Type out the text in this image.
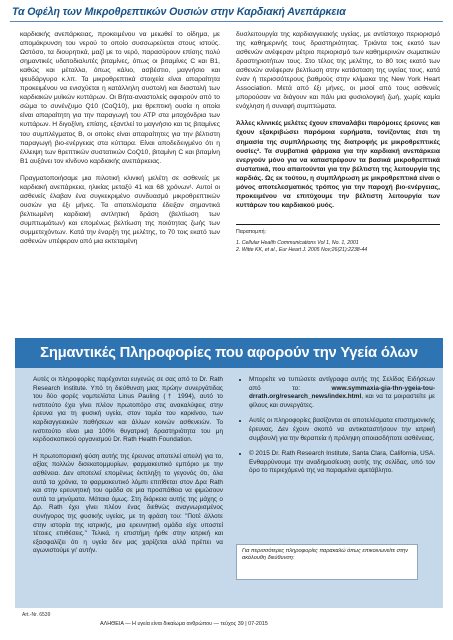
Τα Οφέλη των Μικροθρεπτικών Ουσιών στην Καρδιακή Ανεπάρκεια

καρδιακής ανεπάρκειας, προκειμένου να μειωθεί το οίδημα, με απομάκρυνση του νερού το οποίο συσσωρεύεται στους ιστούς. Ωστόσο, τα διουρητικά, μαζί με το νερό, παρασύρουν επίσης πολύ σημαντικές υδατοδιαλυτές βιταμίνες, όπως οι βιταμίνες C και B1, καθώς και μέταλλα, όπως κάλιο, ασβέστιο, μαγνήσιο και ψευδάργυρο κ.λπ. Τα μικροθρεπτικά στοιχεία είναι απαραίτητα προκειμένου να ενισχύεται η κατάλληλη συστολή και διαστολή των καρδιακών μυϊκών κυττάρων. Οι Βήτα-αναστολείς αφαιρούν από το σώμα το συνένζυμο Q10 (CoQ10), μια θρεπτική ουσία η οποία είναι απαραίτητη για την παραγωγή του ATP στα μιτοχόνδρια των κυττάρων. Η διγοξίνη, επίσης, εξαντλεί το μαγνήσιο και τις βιταμίνες του συμπλέγματος Β, οι οποίες είναι απαραίτητες για την βέλτιστη παραγωγή βιο-ενέργειας στα κύτταρα. Είναι αποδεδειγμένο ότι η έλλειψη των θρεπτικών συστατικών CoQ10, βιταμίνη C και βιταμίνη Β1 αυξάνει τον κίνδυνο καρδιακής ανεπάρκειας.

Πραγματοποιήσαμε μια πιλοτική κλινική μελέτη σε ασθενείς με καρδιακή ανεπάρκεια, ηλικίας μεταξύ 41 και 68 χρόνων¹. Αυτοί οι ασθενείς έλαβαν ένα συγκεκριμένο συνδυασμό μικροθρεπτικών ουσιών για έξι μήνες. Τα αποτελέσματα έδειξαν σημαντικά βελτιωμένη καρδιακή αντλητική δράση (βελτίωση των συμπτωμάτων) και επομένως βελτίωση της ποιότητας ζωής των συμμετεχόντων. Κατά την έναρξη της μελέτης, το 70 τοις εκατό των ασθενών υπέφεραν από μια εκτεταμένη

δυσλειτουργία της καρδιαγγειακής υγείας, με αντίστοιχο περιορισμό της καθημερινής τους δραστηριότητας. Τριάντα τοις εκατό των ασθενών ανέφεραν μέτριο περιορισμό των καθημερινών σωματικών δραστηριοτήτων τους. Στο τέλος της μελέτης, το 80 τοις εκατό των ασθενών ανέφεραν βελτίωση στην κατάσταση της υγείας τους, κατά έναν ή περισσότερους βαθμούς στην κλίμακα της New York Heart Association. Μετά από έξι μήνες, οι μισοί από τους ασθενείς μπορούσαν να διάγουν και πάλι μια φυσιολογική ζωή, χωρίς καμία ενόχληση ή συναφή συμπτώματα.

Άλλες κλινικές μελέτες έχουν επαναλάβει παρόμοιες έρευνες και έχουν εξακριβώσει παρόμοια ευρήματα, τονίζοντας έτσι τη σημασία της συμπλήρωσης της διατροφής με μικροθρεπτικές ουσίες². Τα συμβατικά φάρμακα για την καρδιακή ανεπάρκεια ενεργούν μόνο για να καταστρέφουν τα βασικά μικροθρεπτικά συστατικά, που απαιτούνται για την βέλτιστη της λειτουργία της καρδιάς. Ως εκ τούτου, η συμπλήρωση με μικροθρεπτικά είναι ο μόνος αποτελεσματικός τρόπος για την παροχή βιο-ενέργειας, προκειμένου να επιτύχουμε την βέλτιστη λειτουργία των κυττάρων του καρδιακού μυός.

Παραπομπή:
1. Cellular Health Communications Vol 1, No. 1, 2001
2. Witte KK, et al., Eur Heart J. 2005 Nov;26(21):2238-44
Σημαντικές Πληροφορίες που αφορούν την Υγεία όλων

Αυτές οι πληροφορίες παρέχονται ευγενώς σε σας από το Dr. Rath Research Institute. Υπό τη διεύθυνση μιας πρώην συνεργάτιδας του δύο φορές νομπελίστα Linus Pauling († 1994), αυτό το ινστιτούτο έχει γίνει πλέον πρωτοπόρο στις ανακαλύψεις στην έρευνα για τη φυσική υγεία, στον τομέα του καρκίνου, των καρδιαγγειακών παθήσεων και άλλων κοινών ασθενειών. Το ινστιτούτο είναι μια 100% θυγατρική δραστηριότητα του μη κερδοσκοπικού οργανισμού Dr. Rath Health Foundation.

Η πρωτοποριακή φύση αυτής της έρευνας αποτελεί απειλή για το, αξίας πολλών δισεκατομμυρίων, φαρμακευτικό εμπόριο με την ασθένεια. Δεν αποτελεί επομένως έκπληξη το γεγονός ότι, όλα αυτά τα χρόνια, το φαρμακευτικό λόμπι επιτίθεται στον Δρα Rath και στην ερευνητική του ομάδα σε μια προσπάθεια να φιμώσουν αυτά τα μηνύματα. Μάταια όμως. Στη διάρκεια αυτής της μάχης ο Δρ. Rath έχει γίνει πλέον ένας διεθνώς αναγνωρισμένος συνήγορος της φυσικής υγείας, με τη φράση του: "Ποτέ άλλοτε στην ιστορία της ιατρικής, μια ερευνητική ομάδα είχε υποστεί τέτοιες επιθέσεις." Τελικά, η επιστήμη ήρθε στην ιατρική και εξασφαλίζει ότι η υγεία δεν μας χαρίζεται αλλά πρέπει να αγωνιστούμε γι' αυτήν.

• Μπορείτε να τυπώσετε αντίγραφα αυτής της Σελίδας Ειδήσεων από το: www.symmaxia-gia-thn-ygeia-tou-drrath.org/research_news/index.html, και να τα μοιραστείτε με φίλους και συνεργάτες.
• Αυτές οι πληροφορίες βασίζονται σε αποτελέσματα επιστημονικής έρευνας. Δεν έχουν σκοπό να αντικαταστήσουν την ιατρική συμβουλή για την θεραπεία ή πρόληψη οποιασδήποτε ασθένειας.
• © 2015 Dr. Rath Research Institute, Santa Clara, California, USA. Ενθαρρύνουμε την αναδημοσίευση αυτής της σελίδας, υπό τον όρο το περιεχόμενό της να παραμείνει αμετάβλητο.
Για περισσότερες πληροφορίες παρακαλώ όπως επικοινωνείτε στην ακόλουθη διεύθυνση:
Art.-Nr. 6539
ΑΛΗΘΕΙΑ — Η υγεία είναι δικαίωμα ανθρώπου — τεύχος 39 | 07-2015
